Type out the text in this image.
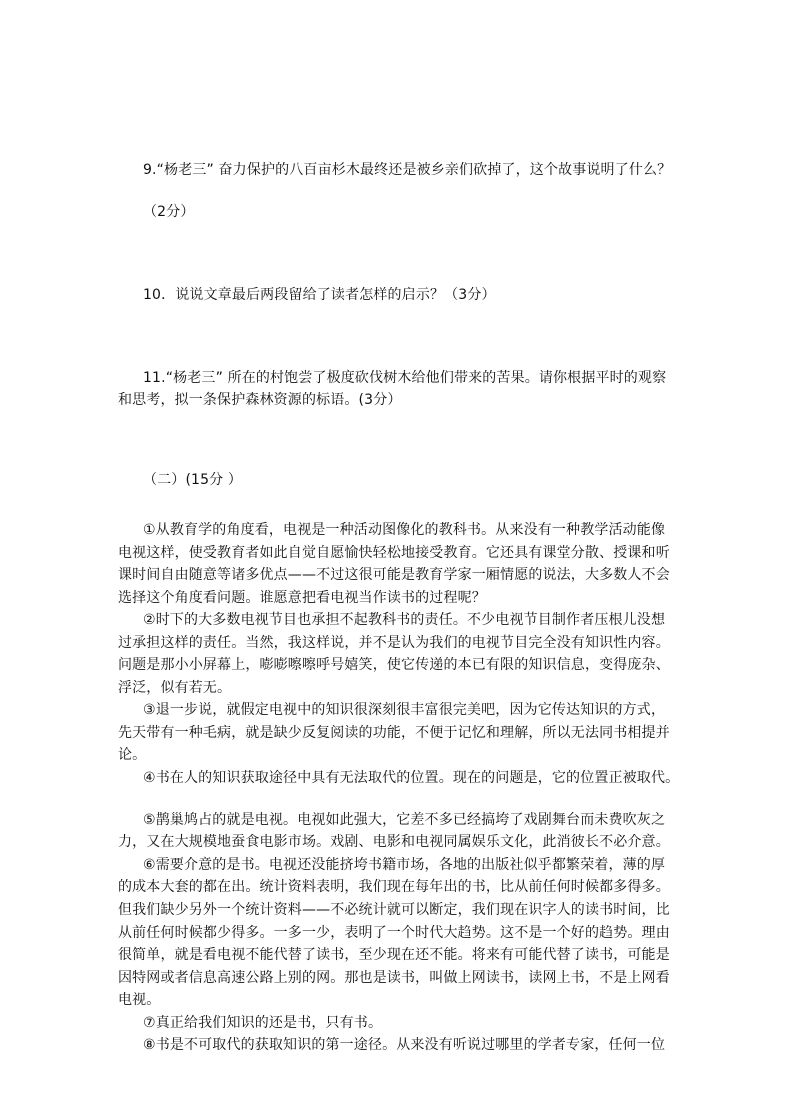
9.“杨老三” 奋力保护的八百亩杉木最终还是被乡亲们砍掉了，这个故事说明了什么？
（2分）
10．说说文章最后两段留给了读者怎样的启示？（3分）
11.“杨老三” 所在的村饱尝了极度砍伐树木给他们带来的苦果。请你根据平时的观察
和思考，拟一条保护森林资源的标语。(3分）
（二）(15分 ）
①从教育学的角度看，电视是一种活动图像化的教科书。从来没有一种教学活动能像
电视这样，使受教育者如此自觉自愿愉快轻松地接受教育。它还具有课堂分散、授课和听
课时间自由随意等诸多优点——不过这很可能是教育学家一厢情愿的说法，大多数人不会
选择这个角度看问题。谁愿意把看电视当作读书的过程呢？
②时下的大多数电视节目也承担不起教科书的责任。不少电视节目制作者压根儿没想
过承担这样的责任。当然，我这样说，并不是认为我们的电视节目完全没有知识性内容。
问题是那小小屏幕上，嘭嘭嚓嚓呼号嬉笑，使它传递的本已有限的知识信息，变得庞杂、
浮泛，似有若无。
③退一步说，就假定电视中的知识很深刻很丰富很完美吧，因为它传达知识的方式，
先天带有一种毛病，就是缺少反复阅读的功能，不便于记忆和理解，所以无法同书相提并
论。
④书在人的知识获取途径中具有无法取代的位置。现在的问题是，它的位置正被取代。
⑤鹊巢鸠占的就是电视。电视如此强大，它差不多已经搞垮了戏剧舞台而未费吹灰之
力，又在大规模地蚕食电影市场。戏剧、电影和电视同属娱乐文化，此消彼长不必介意。
⑥需要介意的是书。电视还没能挤垮书籍市场，各地的出版社似乎都繁荣着，薄的厚
的成本大套的都在出。统计资料表明，我们现在每年出的书，比从前任何时候都多得多。
但我们缺少另外一个统计资料——不必统计就可以断定，我们现在识字人的读书时间，比
从前任何时候都少得多。一多一少，表明了一个时代大趋势。这不是一个好的趋势。理由
很简单，就是看电视不能代替了读书，至少现在还不能。将来有可能代替了读书，可能是
因特网或者信息高速公路上别的网。那也是读书，叫做上网读书，读网上书，不是上网看
电视。
⑦真正给我们知识的还是书，只有书。
⑧书是不可取代的获取知识的第一途径。从来没有听说过哪里的学者专家，任何一位
